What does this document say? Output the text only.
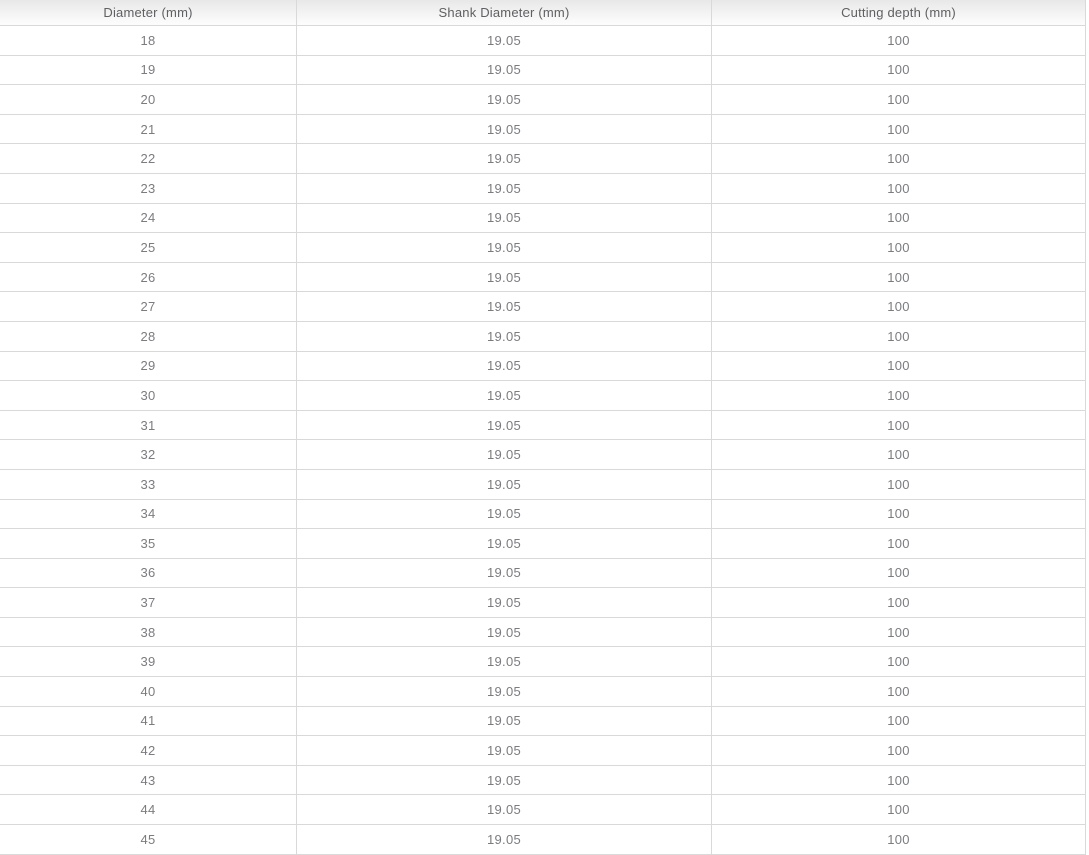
Diameter (mm)	Shank Diameter (mm)	Cutting depth (mm)
18	19.05	100
19	19.05	100
20	19.05	100
21	19.05	100
22	19.05	100
23	19.05	100
24	19.05	100
25	19.05	100
26	19.05	100
27	19.05	100
28	19.05	100
29	19.05	100
30	19.05	100
31	19.05	100
32	19.05	100
33	19.05	100
34	19.05	100
35	19.05	100
36	19.05	100
37	19.05	100
38	19.05	100
39	19.05	100
40	19.05	100
41	19.05	100
42	19.05	100
43	19.05	100
44	19.05	100
45	19.05	100
